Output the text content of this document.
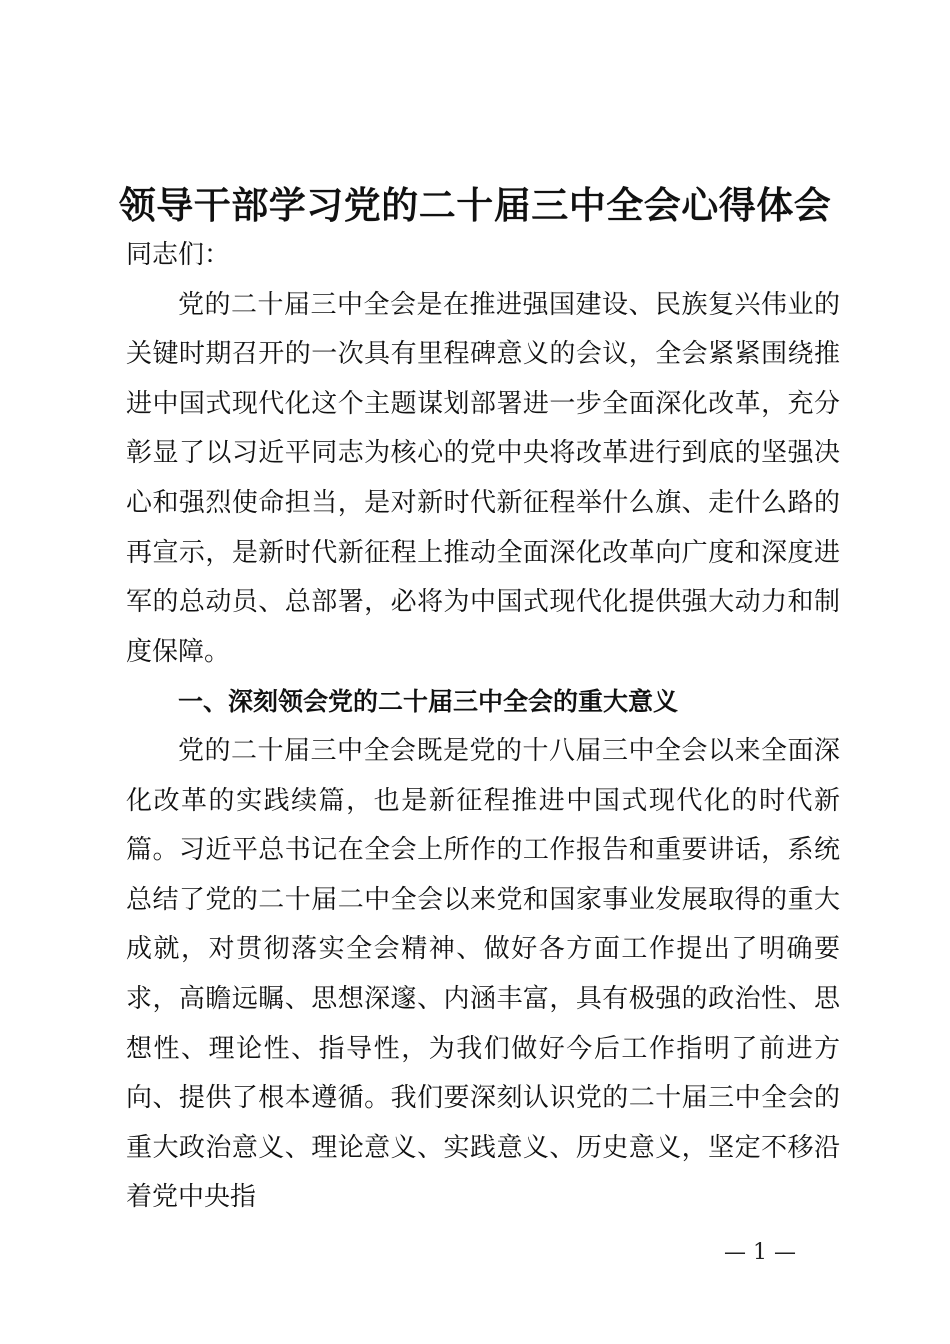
领导干部学习党的二十届三中全会心得体会

同志们：

党的二十届三中全会是在推进强国建设、民族复兴伟业的关键时期召开的一次具有里程碑意义的会议，全会紧紧围绕推进中国式现代化这个主题谋划部署进一步全面深化改革，充分彰显了以习近平同志为核心的党中央将改革进行到底的坚强决心和强烈使命担当，是对新时代新征程举什么旗、走什么路的再宣示，是新时代新征程上推动全面深化改革向广度和深度进军的总动员、总部署，必将为中国式现代化提供强大动力和制度保障。

一、深刻领会党的二十届三中全会的重大意义

党的二十届三中全会既是党的十八届三中全会以来全面深化改革的实践续篇，也是新征程推进中国式现代化的时代新篇。习近平总书记在全会上所作的工作报告和重要讲话，系统总结了党的二十届二中全会以来党和国家事业发展取得的重大成就，对贯彻落实全会精神、做好各方面工作提出了明确要求，高瞻远瞩、思想深邃、内涵丰富，具有极强的政治性、思想性、理论性、指导性，为我们做好今后工作指明了前进方向、提供了根本遵循。我们要深刻认识党的二十届三中全会的重大政治意义、理论意义、实践意义、历史意义，坚定不移沿着党中央指

— 1 —
